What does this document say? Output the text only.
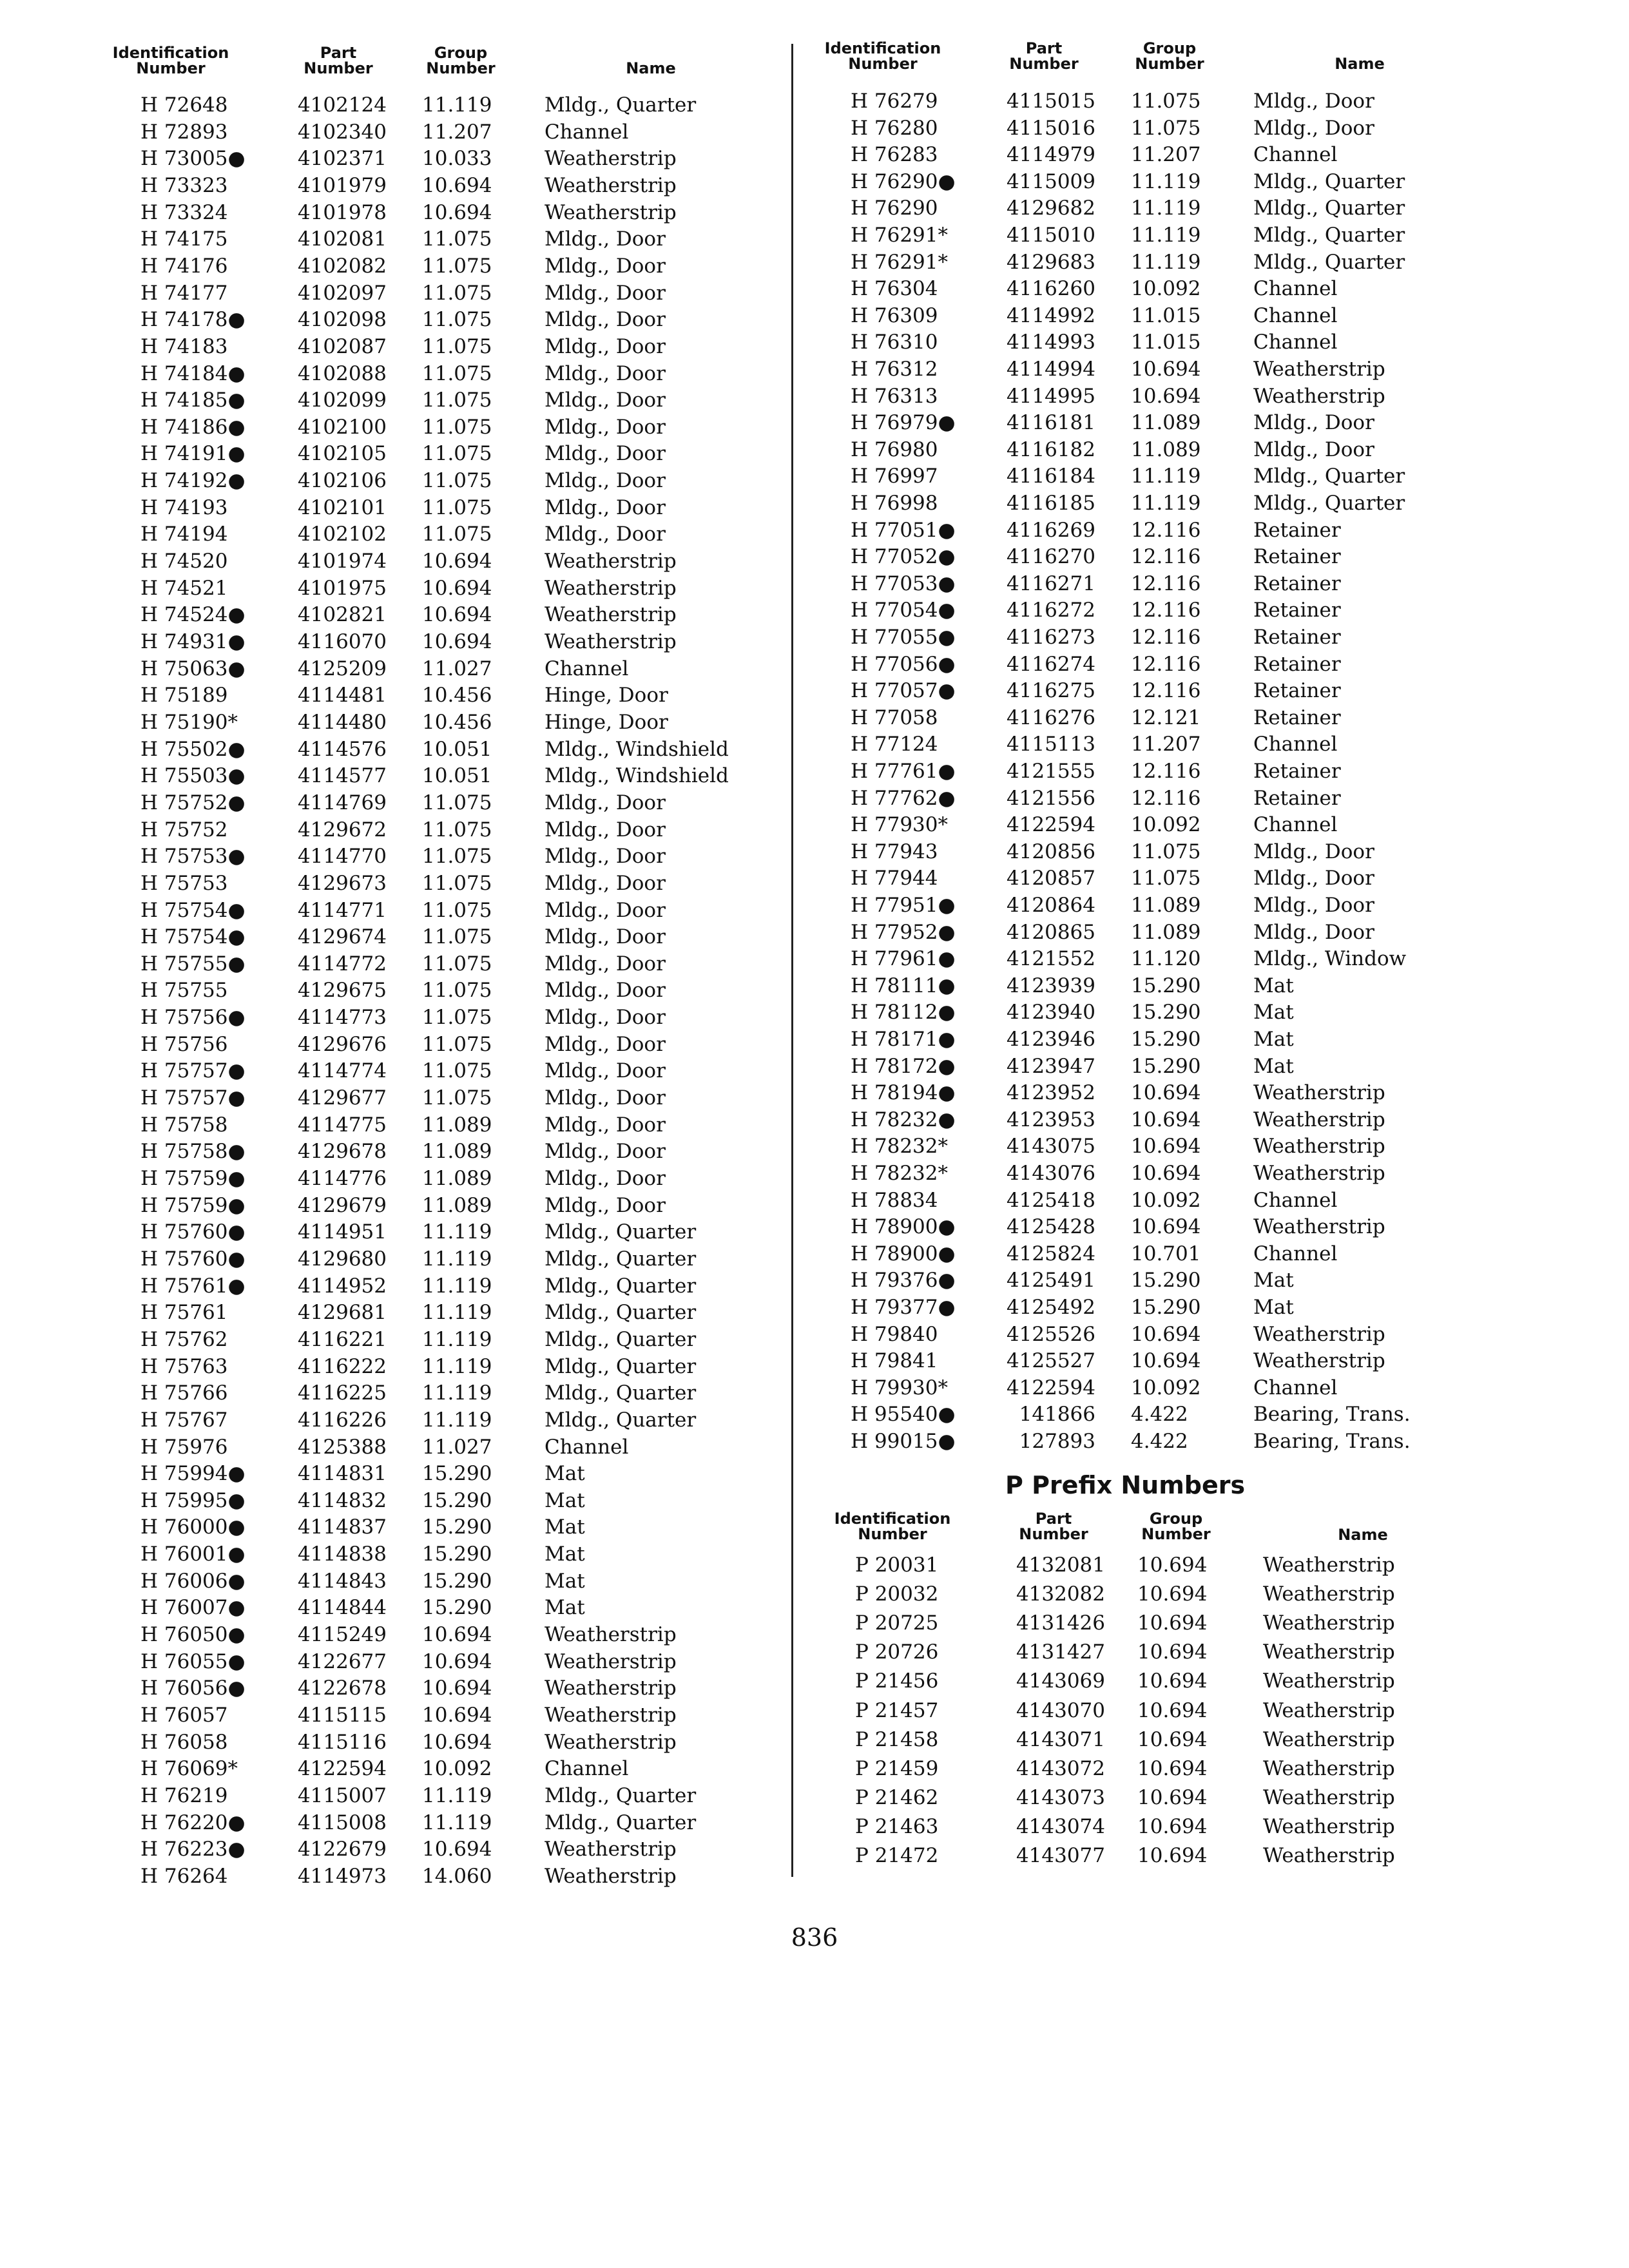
Identification
Number
Part
Number
Group
Number	Name
H 72648	4102124 11.119	Mldg., Quarter
H 72893	4102340 11.207	Channel
H 73005●	4102371 10.033	Weatherstrip
H 73323	4101979 10.694	Weatherstrip
H 73324	4101978 10.694	Weatherstrip
H 74175	4102081 11.075	Mldg., Door
H 74176	4102082 11.075	Mldg., Door
H 74177	4102097 11.075	Mldg., Door
H 74178●	4102098 11.075	Mldg., Door
H 74183	4102087 11.075	Mldg., Door
H 74184●	4102088 11.075	Mldg., Door
H 74185●	4102099 11.075	Mldg., Door
H 74186●	4102100 11.075	Mldg., Door
H 74191●	4102105 11.075	Mldg., Door
H 74192●	4102106 11.075	Mldg., Door
H 74193	4102101 11.075	Mldg., Door
H 74194	4102102 11.075	Mldg., Door
H 74520	4101974 10.694	Weatherstrip
H 74521	4101975 10.694	Weatherstrip
H 74524●	4102821 10.694	Weatherstrip
H 74931●	4116070 10.694	Weatherstrip
H 75063●	4125209 11.027	Channel
H 75189	4114481 10.456	Hinge, Door
H 75190*	4114480 10.456	Hinge, Door
H 75502●	4114576 10.051	Mldg., Windshield
H 75503●	4114577 10.051	Mldg., Windshield
H 75752●	4114769 11.075	Mldg., Door
H 75752	4129672 11.075	Mldg., Door
H 75753●	4114770 11.075	Mldg., Door
H 75753	4129673 11.075	Mldg., Door
H 75754●	4114771 11.075	Mldg., Door
H 75754●	4129674 11.075	Mldg., Door
H 75755●	4114772 11.075	Mldg., Door
H 75755	4129675 11.075	Mldg., Door
H 75756●	4114773 11.075	Mldg., Door
H 75756	4129676 11.075	Mldg., Door
H 75757●	4114774 11.075	Mldg., Door
H 75757●	4129677 11.075	Mldg., Door
H 75758	4114775 11.089	Mldg., Door
H 75758●	4129678 11.089	Mldg., Door
H 75759●	4114776 11.089	Mldg., Door
H 75759●	4129679 11.089	Mldg., Door
H 75760●	4114951 11.119	Mldg., Quarter
H 75760●	4129680 11.119	Mldg., Quarter
H 75761●	4114952 11.119	Mldg., Quarter
H 75761	4129681 11.119	Mldg., Quarter
H 75762	4116221 11.119	Mldg., Quarter
H 75763	4116222 11.119	Mldg., Quarter
H 75766	4116225 11.119	Mldg., Quarter
H 75767	4116226 11.119	Mldg., Quarter
H 75976	4125388 11.027	Channel
H 75994●	4114831 15.290	Mat
H 75995●	4114832 15.290	Mat
H 76000●	4114837 15.290	Mat
H 76001●	4114838 15.290	Mat
H 76006●	4114843 15.290	Mat
H 76007●	4114844 15.290	Mat
H 76050●	4115249 10.694	Weatherstrip
H 76055●	4122677 10.694	Weatherstrip
H 76056●	4122678 10.694	Weatherstrip
H 76057	4115115 10.694	Weatherstrip
H 76058	4115116 10.694	Weatherstrip
H 76069*	4122594 10.092	Channel
H 76219	4115007 11.119	Mldg., Quarter
H 76220●	4115008 11.119	Mldg., Quarter
H 76223●	4122679 10.694	Weatherstrip
H 76264	4114973 14.060	Weatherstrip
Identification
Number
Part
Number
Group
Number	Name
H 76279	4115015 11.075	Mldg., Door
H 76280	4115016 11.075	Mldg., Door
H 76283	4114979 11.207	Channel
H 76290●	4115009 11.119	Mldg., Quarter
H 76290	4129682 11.119	Mldg., Quarter
H 76291*	4115010 11.119	Mldg., Quarter
H 76291*	4129683 11.119	Mldg., Quarter
H 76304	4116260 10.092	Channel
H 76309	4114992 11.015	Channel
H 76310	4114993 11.015	Channel
H 76312	4114994 10.694	Weatherstrip
H 76313	4114995 10.694	Weatherstrip
H 76979●	4116181 11.089	Mldg., Door
H 76980	4116182 11.089	Mldg., Door
H 76997	4116184 11.119	Mldg., Quarter
H 76998	4116185 11.119	Mldg., Quarter
H 77051●	4116269 12.116	Retainer
H 77052●	4116270 12.116	Retainer
H 77053●	4116271 12.116	Retainer
H 77054●	4116272 12.116	Retainer
H 77055●	4116273 12.116	Retainer
H 77056●	4116274 12.116	Retainer
H 77057●	4116275 12.116	Retainer
H 77058	4116276 12.121	Retainer
H 77124	4115113 11.207	Channel
H 77761●	4121555 12.116	Retainer
H 77762●	4121556 12.116	Retainer
H 77930*	4122594 10.092	Channel
H 77943	4120856 11.075	Mldg., Door
H 77944	4120857 11.075	Mldg., Door
H 77951●	4120864 11.089	Mldg., Door
H 77952●	4120865 11.089	Mldg., Door
H 77961●	4121552 11.120	Mldg., Window
H 78111●	4123939 15.290	Mat
H 78112●	4123940 15.290	Mat
H 78171●	4123946 15.290	Mat
H 78172●	4123947 15.290	Mat
H 78194●	4123952 10.694	Weatherstrip
H 78232●	4123953 10.694	Weatherstrip
H 78232*	4143075 10.694	Weatherstrip
H 78232*	4143076 10.694	Weatherstrip
H 78834	4125418 10.092	Channel
H 78900●	4125428 10.694	Weatherstrip
H 78900●	4125824 10.701	Channel
H 79376●	4125491 15.290	Mat
H 79377●	4125492 15.290	Mat
H 79840	4125526 10.694	Weatherstrip
H 79841	4125527 10.694	Weatherstrip
H 79930*	4122594 10.092	Channel
H 95540●	141866 4.422	Bearing, Trans.
H 99015●	127893 4.422	Bearing, Trans.
P Prefix Numbers
Identification
Number
Part
Number
Group
Number	Name
P 20031	4132081 10.694	Weatherstrip
P 20032	4132082 10.694	Weatherstrip
P 20725	4131426 10.694	Weatherstrip
P 20726	4131427 10.694	Weatherstrip
P 21456	4143069 10.694	Weatherstrip
P 21457	4143070 10.694	Weatherstrip
P 21458	4143071 10.694	Weatherstrip
P 21459	4143072 10.694	Weatherstrip
P 21462	4143073 10.694	Weatherstrip
P 21463	4143074 10.694	Weatherstrip
P 21472	4143077 10.694	Weatherstrip
836
